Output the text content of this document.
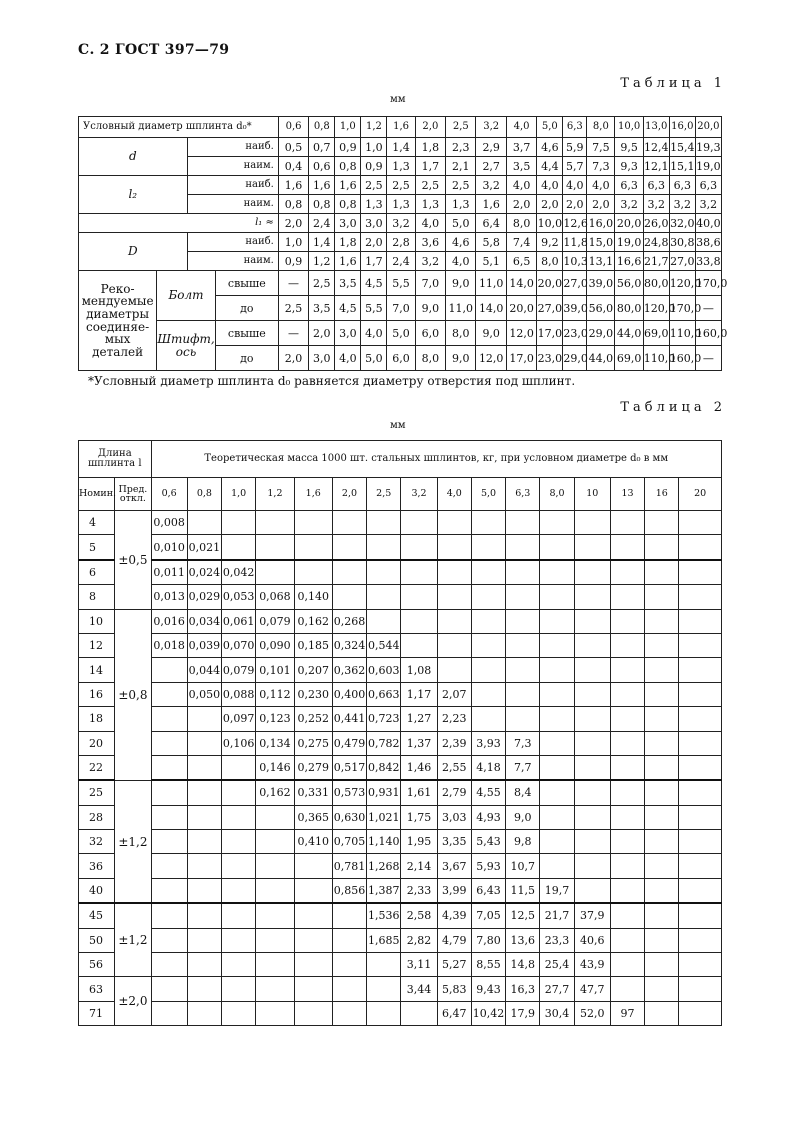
С. 2 ГОСТ 397—79
Таблица 1
мм
Условный диаметр шплинта d₀*				0,6	0,8	1,0	1,2	1,6	2,0	2,5	3,2	4,0	5,0	6,3	8,0	10,0	13,0	16,0	20,0
d		наиб.		0,5	0,7	0,9	1,0	1,4	1,8	2,3	2,9	3,7	4,6	5,9	7,5	9,5	12,4	15,4	19,3
		наим.		0,4	0,6	0,8	0,9	1,3	1,7	2,1	2,7	3,5	4,4	5,7	7,3	9,3	12,1	15,1	19,0
l₂		наиб.		1,6	1,6	1,6	2,5	2,5	2,5	2,5	3,2	4,0	4,0	4,0	4,0	6,3	6,3	6,3	6,3
		наим.		0,8	0,8	0,8	1,3	1,3	1,3	1,3	1,6	2,0	2,0	2,0	2,0	3,2	3,2	3,2	3,2
l₁ ≈				2,0	2,4	3,0	3,0	3,2	4,0	5,0	6,4	8,0	10,0	12,6	16,0	20,0	26,0	32,0	40,0
D		наиб.		1,0	1,4	1,8	2,0	2,8	3,6	4,6	5,8	7,4	9,2	11,8	15,0	19,0	24,8	30,8	38,6
		наим.		0,9	1,2	1,6	1,7	2,4	3,2	4,0	5,1	6,5	8,0	10,3	13,1	16,6	21,7	27,0	33,8
Реко-мендуемые диаметры соединяе-мых деталей	Болт		свыше	—	2,5	3,5	4,5	5,5	7,0	9,0	11,0	14,0	20,0	27,0	39,0	56,0	80,0	120,0	170,0
			до	2,5	3,5	4,5	5,5	7,0	9,0	11,0	14,0	20,0	27,0	39,0	56,0	80,0	120,0	170,0	—
	Штифт, ось		свыше	—	2,0	3,0	4,0	5,0	6,0	8,0	9,0	12,0	17,0	23,0	29,0	44,0	69,0	110,0	160,0
			до	2,0	3,0	4,0	5,0	6,0	8,0	9,0	12,0	17,0	23,0	29,0	44,0	69,0	110,0	160,0	—
*Условный диаметр шплинта d₀ равняется диаметру отверстия под шплинт.
Таблица 2
мм
Длина шплинта l		Теоретическая масса 1000 шт. стальных шплинтов, кг, при условном диаметре d₀ в мм															
Номин.	Пред. откл.	0,6	0,8	1,0	1,2	1,6	2,0	2,5	3,2	4,0	5,0	6,3	8,0	10	13	16	20
4	±0,5	0,008															
5		0,010	0,021														
6		0,011	0,024	0,042													
8		0,013	0,029	0,053	0,068	0,140											
10	±0,8	0,016	0,034	0,061	0,079	0,162	0,268										
12		0,018	0,039	0,070	0,090	0,185	0,324	0,544									
14			0,044	0,079	0,101	0,207	0,362	0,603	1,08								
16			0,050	0,088	0,112	0,230	0,400	0,663	1,17	2,07							
18				0,097	0,123	0,252	0,441	0,723	1,27	2,23							
20				0,106	0,134	0,275	0,479	0,782	1,37	2,39	3,93	7,3					
22					0,146	0,279	0,517	0,842	1,46	2,55	4,18	7,7					
25	±1,2				0,162	0,331	0,573	0,931	1,61	2,79	4,55	8,4					
28						0,365	0,630	1,021	1,75	3,03	4,93	9,0					
32						0,410	0,705	1,140	1,95	3,35	5,43	9,8					
36							0,781	1,268	2,14	3,67	5,93	10,7					
40							0,856	1,387	2,33	3,99	6,43	11,5	19,7				
45	±1,2							1,536	2,58	4,39	7,05	12,5	21,7	37,9			
50								1,685	2,82	4,79	7,80	13,6	23,3	40,6			
56									3,11	5,27	8,55	14,8	25,4	43,9			
63	±2,0								3,44	5,83	9,43	16,3	27,7	47,7			
71										6,47	10,42	17,9	30,4	52,0	97		
